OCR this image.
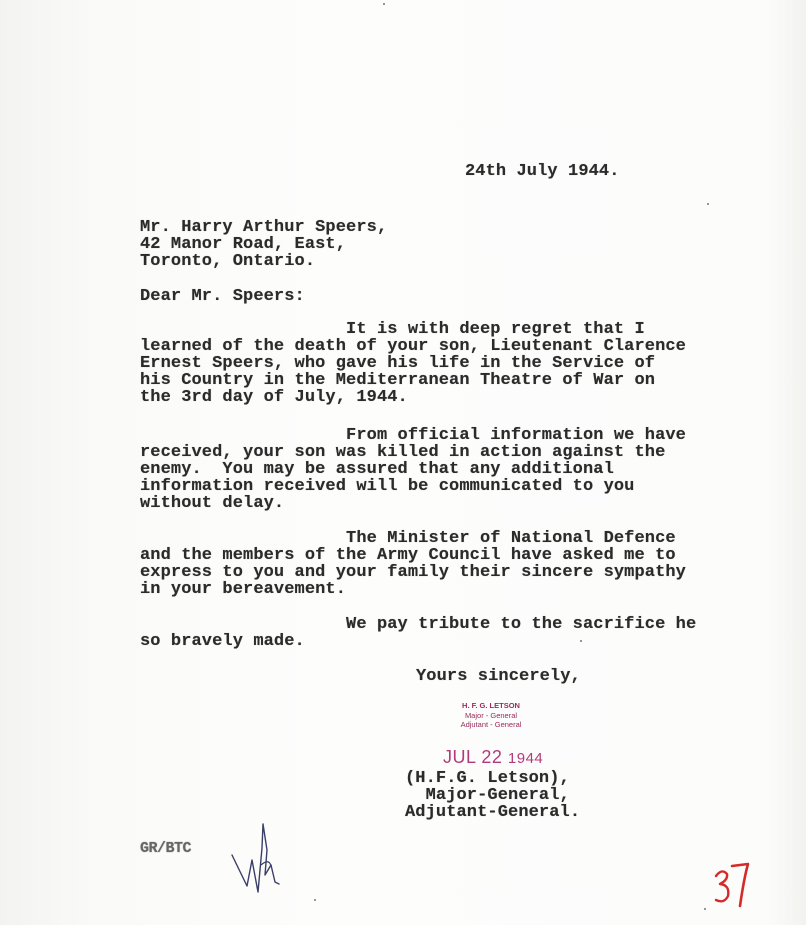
24th July 1944.
Mr. Harry Arthur Speers,
42 Manor Road, East,
Toronto, Ontario.
Dear Mr. Speers:
It is with deep regret that I
learned of the death of your son, Lieutenant Clarence
Ernest Speers, who gave his life in the Service of
his Country in the Mediterranean Theatre of War on
the 3rd day of July, 1944.
From official information we have
received, your son was killed in action against the
enemy.  You may be assured that any additional
information received will be communicated to you
without delay.
The Minister of National Defence
and the members of the Army Council have asked me to
express to you and your family their sincere sympathy
in your bereavement.
We pay tribute to the sacrifice he
so bravely made.
Yours sincerely,
H. F. G. LETSON
Major - General
Adjutant - General
JUL 22 1944
(H.F.G. Letson),
Major-General,
Adjutant-General.
GR/BTC
